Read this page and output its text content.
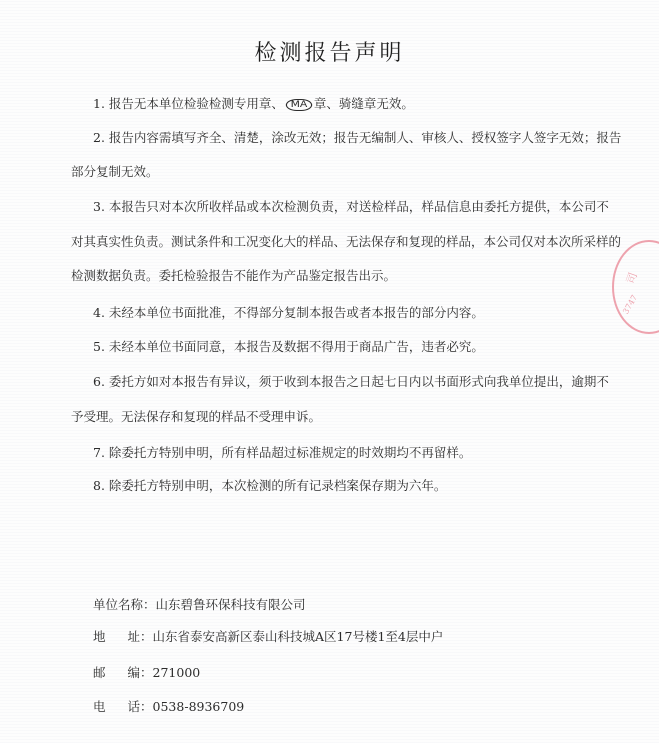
检测报告声明
1. 报告无本单位检验检测专用章、 MA 章、骑缝章无效。
2. 报告内容需填写齐全、清楚，涂改无效；报告无编制人、审核人、授权签字人签字无效；报告
部分复制无效。
3. 本报告只对本次所收样品或本次检测负责，对送检样品，样品信息由委托方提供，本公司不
对其真实性负责。测试条件和工况变化大的样品、无法保存和复现的样品，本公司仅对本次所采样的
检测数据负责。委托检验报告不能作为产品鉴定报告出示。
4. 未经本单位书面批准，不得部分复制本报告或者本报告的部分内容。
5. 未经本单位书面同意，本报告及数据不得用于商品广告，违者必究。
6. 委托方如对本报告有异议，须于收到本报告之日起七日内以书面形式向我单位提出，逾期不
予受理。无法保存和复现的样品不受理申诉。
7. 除委托方特别申明，所有样品超过标准规定的时效期均不再留样。
8. 除委托方特别申明，本次检测的所有记录档案保存期为六年。
单位名称：山东碧鲁环保科技有限公司
地址：山东省泰安高新区泰山科技城A区17号楼1至4层中户
邮编：271000
电话：0538-8936709
司
3747
